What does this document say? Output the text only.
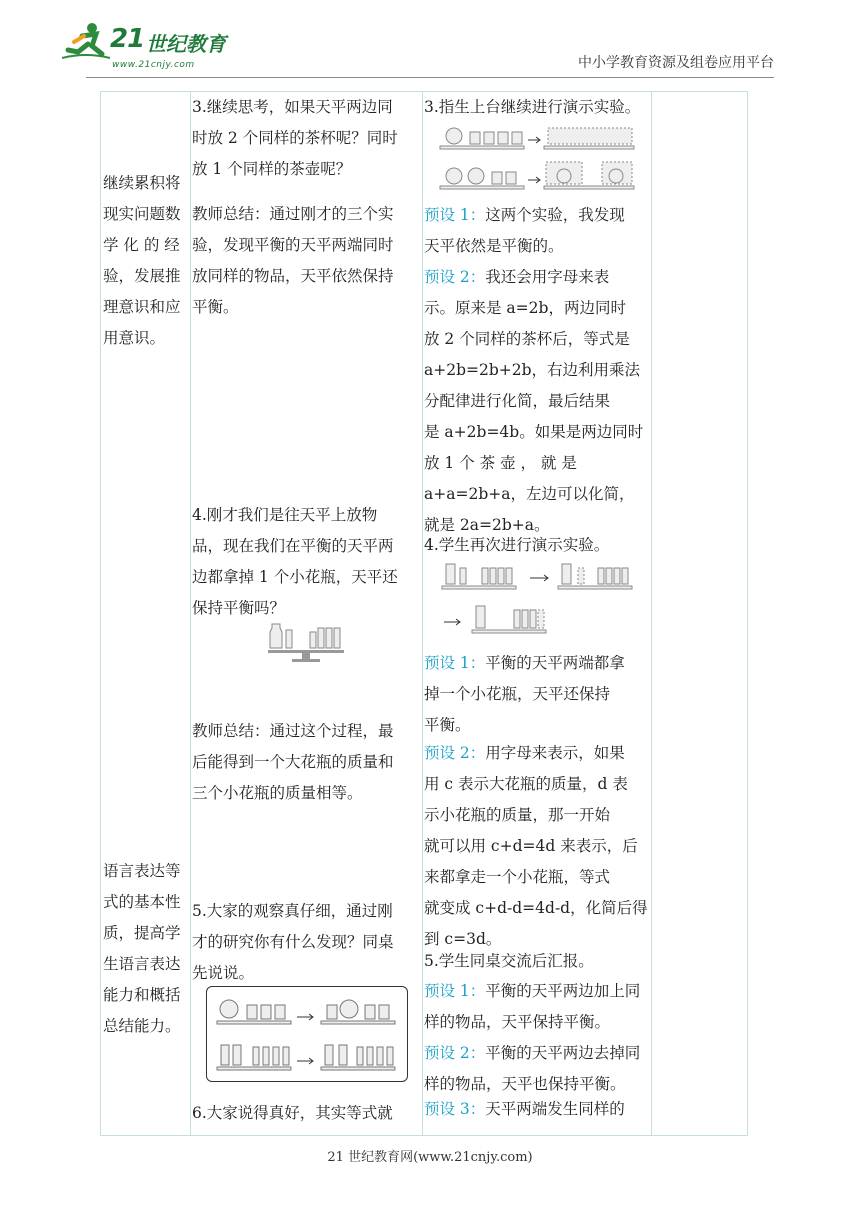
21 世纪教育
www.21cnjy.com	中小学教育资源及组卷应用平台
继续累积将
现实问题数
学 化 的 经
验，发展推
理意识和应
用意识。
语言表达等
式的基本性
质，提高学
生语言表达
能力和概括
总结能力。
3.继续思考，如果天平两边同
时放 2 个同样的茶杯呢？同时
放 1 个同样的茶壶呢？
教师总结：通过刚才的三个实
验，发现平衡的天平两端同时
放同样的物品，天平依然保持
平衡。
4.刚才我们是往天平上放物
品，现在我们在平衡的天平两
边都拿掉 1 个小花瓶，天平还
保持平衡吗？
教师总结：通过这个过程，最
后能得到一个大花瓶的质量和
三个小花瓶的质量相等。
5.大家的观察真仔细，通过刚
才的研究你有什么发现？同桌
先说说。
6.大家说得真好，其实等式就
3.指生上台继续进行演示实验。
预设 1：这两个实验，我发现
天平依然是平衡的。
预设 2：我还会用字母来表
示。原来是 a=2b，两边同时
放 2 个同样的茶杯后，等式是
a+2b=2b+2b，右边利用乘法
分配律进行化简，最后结果
是 a+2b=4b。如果是两边同时
放 1 个 茶 壶 ， 就 是
a+a=2b+a，左边可以化简，
就是 2a=2b+a。
4.学生再次进行演示实验。
预设 1：平衡的天平两端都拿
掉一个小花瓶，天平还保持
平衡。
预设 2：用字母来表示，如果
用 c 表示大花瓶的质量，d 表
示小花瓶的质量，那一开始
就可以用 c+d=4d 来表示，后
来都拿走一个小花瓶，等式
就变成 c+d-d=4d-d，化简后得
到 c=3d。
5.学生同桌交流后汇报。
预设 1：平衡的天平两边加上同
样的物品，天平保持平衡。
预设 2：平衡的天平两边去掉同
样的物品，天平也保持平衡。
预设 3：天平两端发生同样的
21 世纪教育网(www.21cnjy.com)
